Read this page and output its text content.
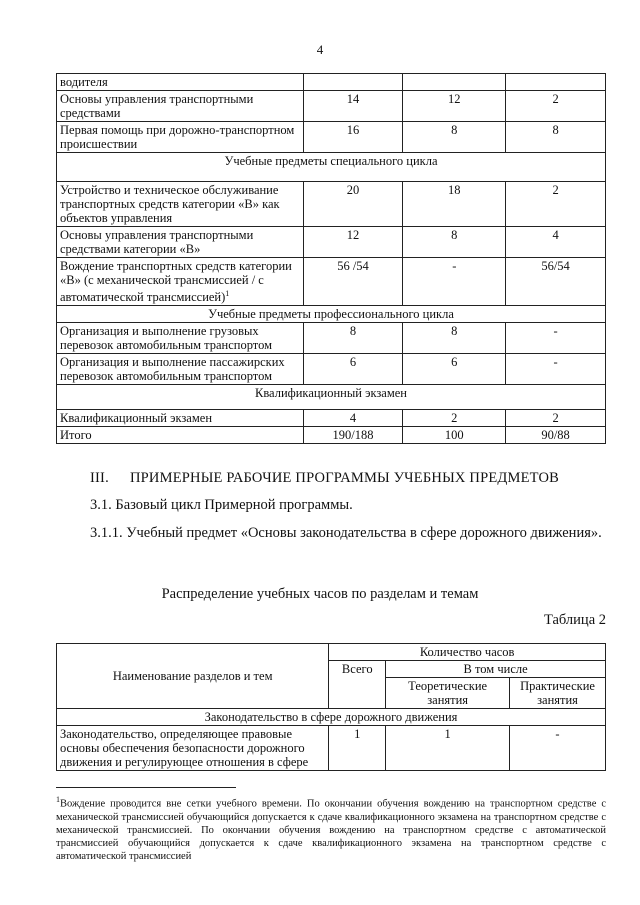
4
водителя			
Основы управления транспортными средствами	14	12	2
Первая помощь при дорожно-транспортном происшествии	16	8	8
Учебные предметы специального цикла			
Устройство и техническое обслуживание транспортных средств категории «В» как объектов управления	20	18	2
Основы управления транспортными средствами категории «В»	12	8	4
Вождение транспортных средств категории «В» (с механической трансмиссией / с автоматической трансмиссией)$^1$	56 /54	-	56/54
Учебные предметы профессионального цикла			
Организация и выполнение грузовых перевозок автомобильным транспортом	8	8	-
Организация и выполнение пассажирских перевозок автомобильным транспортом	6	6	-
Квалификационный экзамен			
Квалификационный экзамен	4	2	2
Итого	190/188	100	90/88
III. ПРИМЕРНЫЕ РАБОЧИЕ ПРОГРАММЫ УЧЕБНЫХ ПРЕДМЕТОВ
3.1. Базовый цикл Примерной программы.
3.1.1. Учебный предмет «Основы законодательства в сфере дорожного движения».
Распределение учебных часов по разделам и темам
Таблица 2
Наименование разделов и тем	Количество часов		
	Всего	В том числе	
		Теоретические занятия	Практические занятия
Законодательство в сфере дорожного движения			
Законодательство, определяющее правовые основы обеспечения безопасности дорожного движения и регулирующее отношения в сфере	1	1	-
$^1$Вождение проводится вне сетки учебного времени. По окончании обучения вождению на транспортном средстве с механической трансмиссией обучающийся допускается к сдаче квалификационного экзамена на транспортном средстве с механической трансмиссией. По окончании обучения вождению на транспортном средстве с автоматической трансмиссией обучающийся допускается к сдаче квалификационного экзамена на транспортном средстве с автоматической трансмиссией
